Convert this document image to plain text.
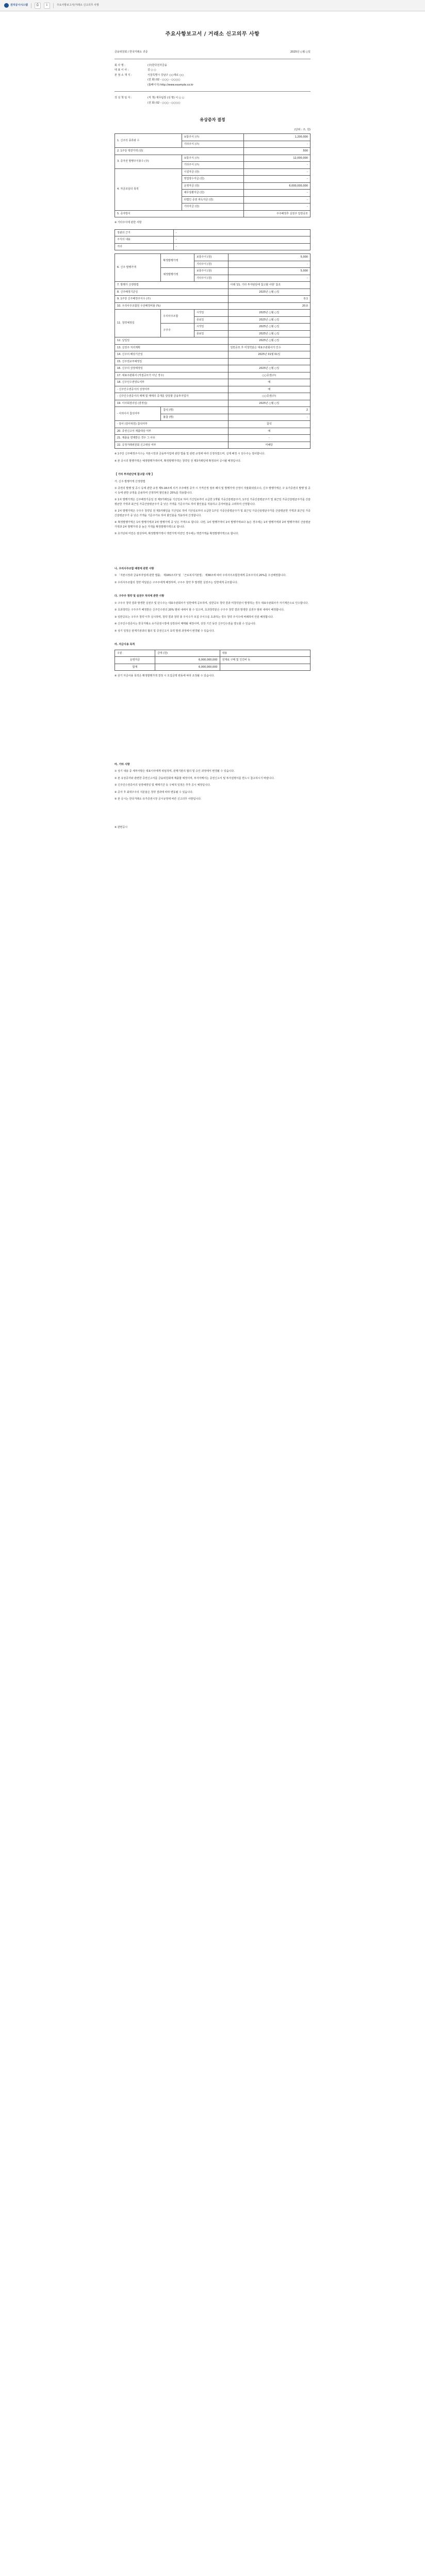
전자공시시스템	⎙	↓	주요사항보고서/거래소 신고의무 사항
주요사항보고서 / 거래소 신고의무 사항
금융위원회 / 한국거래소 귀중	2025년 ○월 ○일
회 사 명 :	(주)한국전자금융
대 표 이 사 :	김 ○ ○
본 점 소 재 지 :	서울특별시 강남구 ○○대로 ○○
(전 화) 02 - ○○○ - ○○○○
(홈페이지) http://www.example.co.kr
작 성 책 임 자 :	(직 책) 재무팀장 (성 명) 이 ○ ○
(전 화) 02 - ○○○ - ○○○○
유상증자 결정
(단위 : 주, 원)
1. 신주의 종류와 수	보통주식 (주)	1,200,000
	기타주식 (주)	-
2. 1주당 액면가액 (원)		500
3. 증자전 발행주식총수 (주)	보통주식 (주)	12,000,000
	기타주식 (주)	-
4. 자금조달의 목적	시설자금 (원)	-
	영업양수자금 (원)	-
	운영자금 (원)	6,000,000,000
	채무상환자금 (원)	-
	타법인 증권 취득자금 (원)	-
	기타자금 (원)	-
5. 증자방식		주주배정후 실권주 일반공모
※ 기타주식에 관한 사항
정관의 근거	-
주식의 내용	-
기타	-
6. 신주 발행가액	확정발행가액	보통주식 (원)	5,000
		기타주식 (원)	-
	예정발행가액	보통주식 (원)	5,000
		기타주식 (원)	-
7. 발행가 산정방법			아래 '21. 기타 투자판단에 참고할 사항' 참조
8. 신주배정기준일			2025년 ○월 ○일
9. 1주당 신주배정주식수 (주)			0.1
10. 우리사주조합원 우선배정비율 (%)			20.0
11. 청약예정일	우리사주조합	시작일	2025년 ○월 ○일
		종료일	2025년 ○월 ○일
	구주주	시작일	2025년 ○월 ○일
		종료일	2025년 ○월 ○일
12. 납입일			2025년 ○월 ○일
13. 실권주 처리계획			일반공모 후 미청약분은 대표주관회사가 인수
14. 신주의 배당기산일			2025년 01월 01일
15. 신주권교부예정일			-
16. 신주의 상장예정일			2025년 ○월 ○일
17. 대표주관회사 (직접공모가 아닌 경우)			○○증권(주)
18. 신주인수권양도여부			예
- 신주인수권증서의 상장여부			예
- 신주인수권증서의 매매 및 매매의 중개를 담당할 금융투자업자			○○증권(주)
19. 이사회결의일 (결정일)			2025년 ○월 ○일
- 사외이사 참석여부	참석 (명)		2
	불참 (명)		-
- 감사 (감사위원) 참석여부			참석
20. 증권신고서 제출대상 여부			예
21. 제출을 면제받은 경우 그 사유			-
22. 공정거래위원회 신고대상 여부			미해당

※ 1주당 신주배정주식수는 자본시장과 금융투자업에 관한 법률 및 관련 규정에 따라 산정하였으며, 실제 배정 시 단수주는 절사합니다.

※ 본 공시의 발행가액은 예정발행가액이며, 확정발행가액은 청약일 전 제3거래일에 확정되어 공시될 예정입니다.

【 기타 투자판단에 참고할 사항 】

가. 신주 발행가액 산정방법

① 증권의 발행 및 공시 등에 관한 규정 제5-18조에 의거 주주배정 증자 시 가격산정 절차 폐지 및 발행가액 산정이 자율화되었으나, 신주 발행가액은 구 유가증권의 발행 및 공시 등에 관한 규정을 준용하여 산정하며 할인율은 25%를 적용합니다.

② 1차 발행가액은 신주배정기준일 전 제3거래일을 기산일로 하여 기산일로부터 소급한 1개월 가중산술평균주가, 1주일 가중산술평균주가 및 최근일 가중산술평균주가를 산술평균한 가액과 최근일 가중산술평균주가 중 낮은 가액을 기준주가로 하여 할인율을 적용하고 증자비율을 고려하여 산정합니다.

③ 2차 발행가액은 구주주 청약일 전 제3거래일을 기산일로 하여 기산일로부터 소급한 1주일 가중산술평균주가 및 최근일 가중산술평균주가를 산술평균한 가액과 최근일 가중산술평균주가 중 낮은 가액을 기준주가로 하여 할인율을 적용하여 산정합니다.

④ 확정발행가액은 1차 발행가액과 2차 발행가액 중 낮은 가액으로 합니다. 다만, 1차 발행가액이 2차 발행가액보다 높은 경우에는 1차 발행가액과 2차 발행가액의 산술평균 가액과 2차 발행가액 중 높은 가액을 확정발행가액으로 합니다.

⑤ 호가단위 미만은 절상하며, 확정발행가액이 액면가액 미만인 경우에는 액면가액을 확정발행가액으로 합니다.

나. 우리사주조합 배정에 관한 사항

① 「자본시장과 금융투자업에 관한 법률」 제165조의7 및 「근로복지기본법」 제38조에 따라 우리사주조합원에게 공모주식의 20%를 우선배정합니다.

② 우리사주조합의 청약 미달분은 구주주에게 배정하며, 구주주 청약 후 발생한 실권주는 일반에게 공모합니다.

다. 구주주 청약 및 실권주 처리에 관한 사항

① 구주주 청약 결과 발생한 실권주 및 단수주는 대표주관회사가 일반에게 공모하며, 일반공모 청약 결과 미청약분이 발생하는 경우 대표주관회사가 자기계산으로 인수합니다.

② 초과청약은 구주주가 배정받은 신주인수권의 20% 범위 내에서 할 수 있으며, 초과청약분은 구주주 청약 결과 발생한 실권주 범위 내에서 배정합니다.

③ 일반공모는 구주주 청약 이후 실시하며, 청약 결과 청약 총 주식수가 모집 주식수를 초과하는 경우 청약 주식수에 비례하여 안분 배정합니다.

④ 신주인수권증서는 한국거래소 유가증권시장에 상장되어 매매될 예정이며, 상장 기간 동안 신주인수권을 양도할 수 있습니다.

⑤ 상기 일정은 관계기관과의 협의 및 증권신고서 효력 발생 과정에서 변경될 수 있습니다.

라. 자금사용 목적
구분	금액 (원)	내용
운영자금	6,000,000,000	원재료 구매 및 인건비 등
합계	6,000,000,000	

※ 상기 자금사용 목적은 확정발행가액 결정 시 모집금액 변동에 따라 조정될 수 있습니다.

마. 기타 사항

① 상기 내용 중 세부사항은 대표이사에게 위임하며, 관계기관의 협의 및 승인 과정에서 변경될 수 있습니다.

② 본 유상증자와 관련한 증권신고서를 금융위원회에 제출할 예정이며, 투자자께서는 증권신고서 및 투자설명서를 반드시 참고하시기 바랍니다.

③ 신주인수권증서의 상장예정일 및 매매기간 등 구체적 일정은 추후 공시 예정입니다.

④ 증자 후 최대주주의 지분율은 청약 결과에 따라 변동될 수 있습니다.

⑤ 본 공시는 한국거래소 유가증권시장 공시규정에 따른 신고의무 사항입니다.

※ 관련공시
